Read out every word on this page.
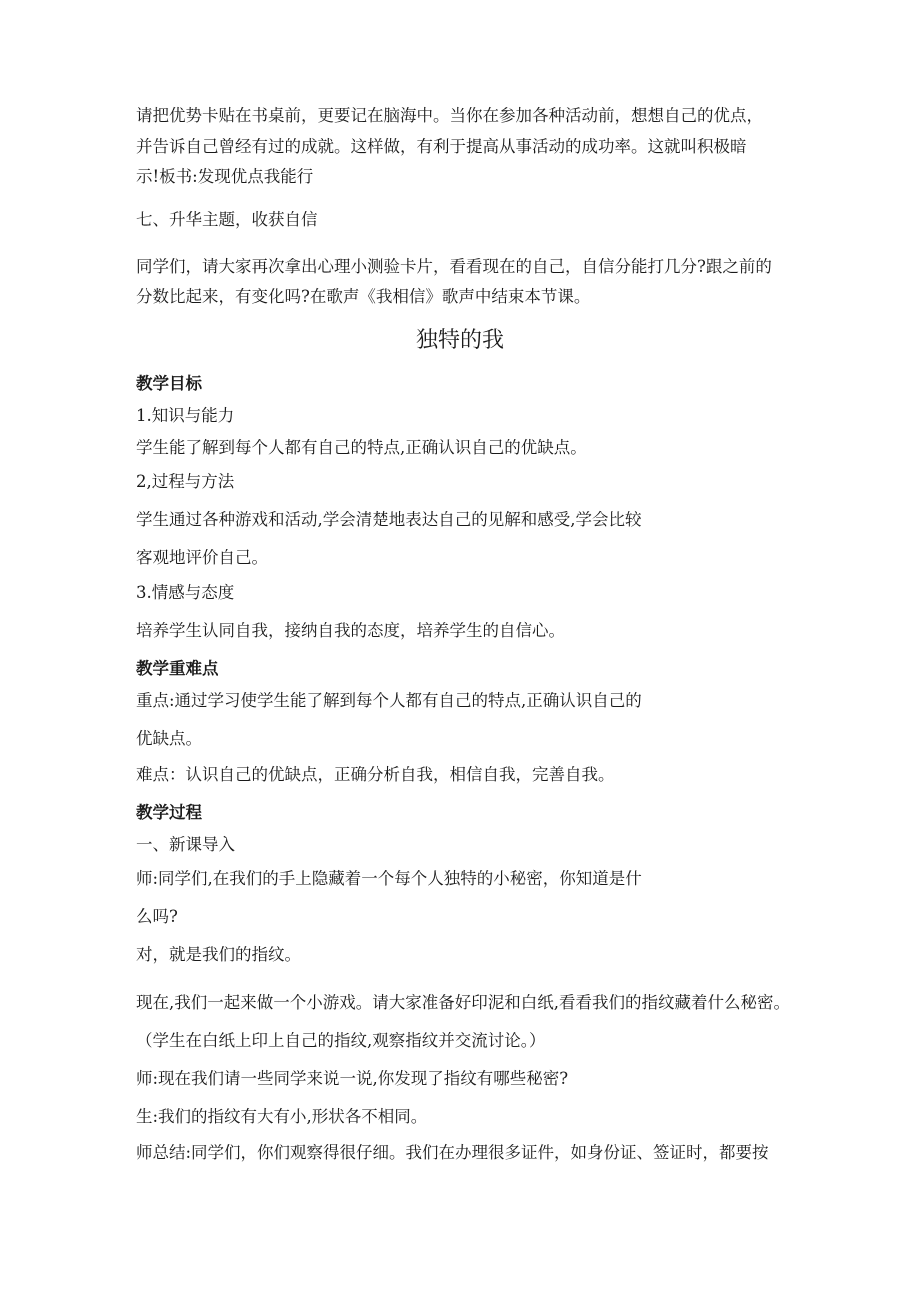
请把优势卡贴在书桌前，更要记在脑海中。当你在参加各种活动前，想想自己的优点，

并告诉自己曾经有过的成就。这样做，有利于提高从事活动的成功率。这就叫积极暗

示!板书:发现优点我能行

七、升华主题，收获自信

同学们，请大家再次拿出心理小测验卡片，看看现在的自己，自信分能打几分?跟之前的

分数比起来，有变化吗?在歌声《我相信》歌声中结束本节课。

独特的我

教学目标

1.知识与能力

学生能了解到每个人都有自己的特点,正确认识自己的优缺点。

2,过程与方法

学生通过各种游戏和活动,学会清楚地表达自己的见解和感受,学会比较

客观地评价自己。

3.情感与态度

培养学生认同自我，接纳自我的态度，培养学生的自信心。

教学重难点

重点:通过学习使学生能了解到每个人都有自己的特点,正确认识自己的

优缺点。

难点：认识自己的优缺点，正确分析自我，相信自我，完善自我。

教学过程

一、新课导入

师:同学们,在我们的手上隐藏着一个每个人独特的小秘密，你知道是什

么吗?

对，就是我们的指纹。

现在,我们一起来做一个小游戏。请大家准备好印泥和白纸,看看我们的指纹藏着什么秘密。

（学生在白纸上印上自己的指纹,观察指纹并交流讨论。）

师:现在我们请一些同学来说一说,你发现了指纹有哪些秘密?

生:我们的指纹有大有小,形状各不相同。

师总结:同学们，你们观察得很仔细。我们在办理很多证件，如身份证、签证时，都要按
